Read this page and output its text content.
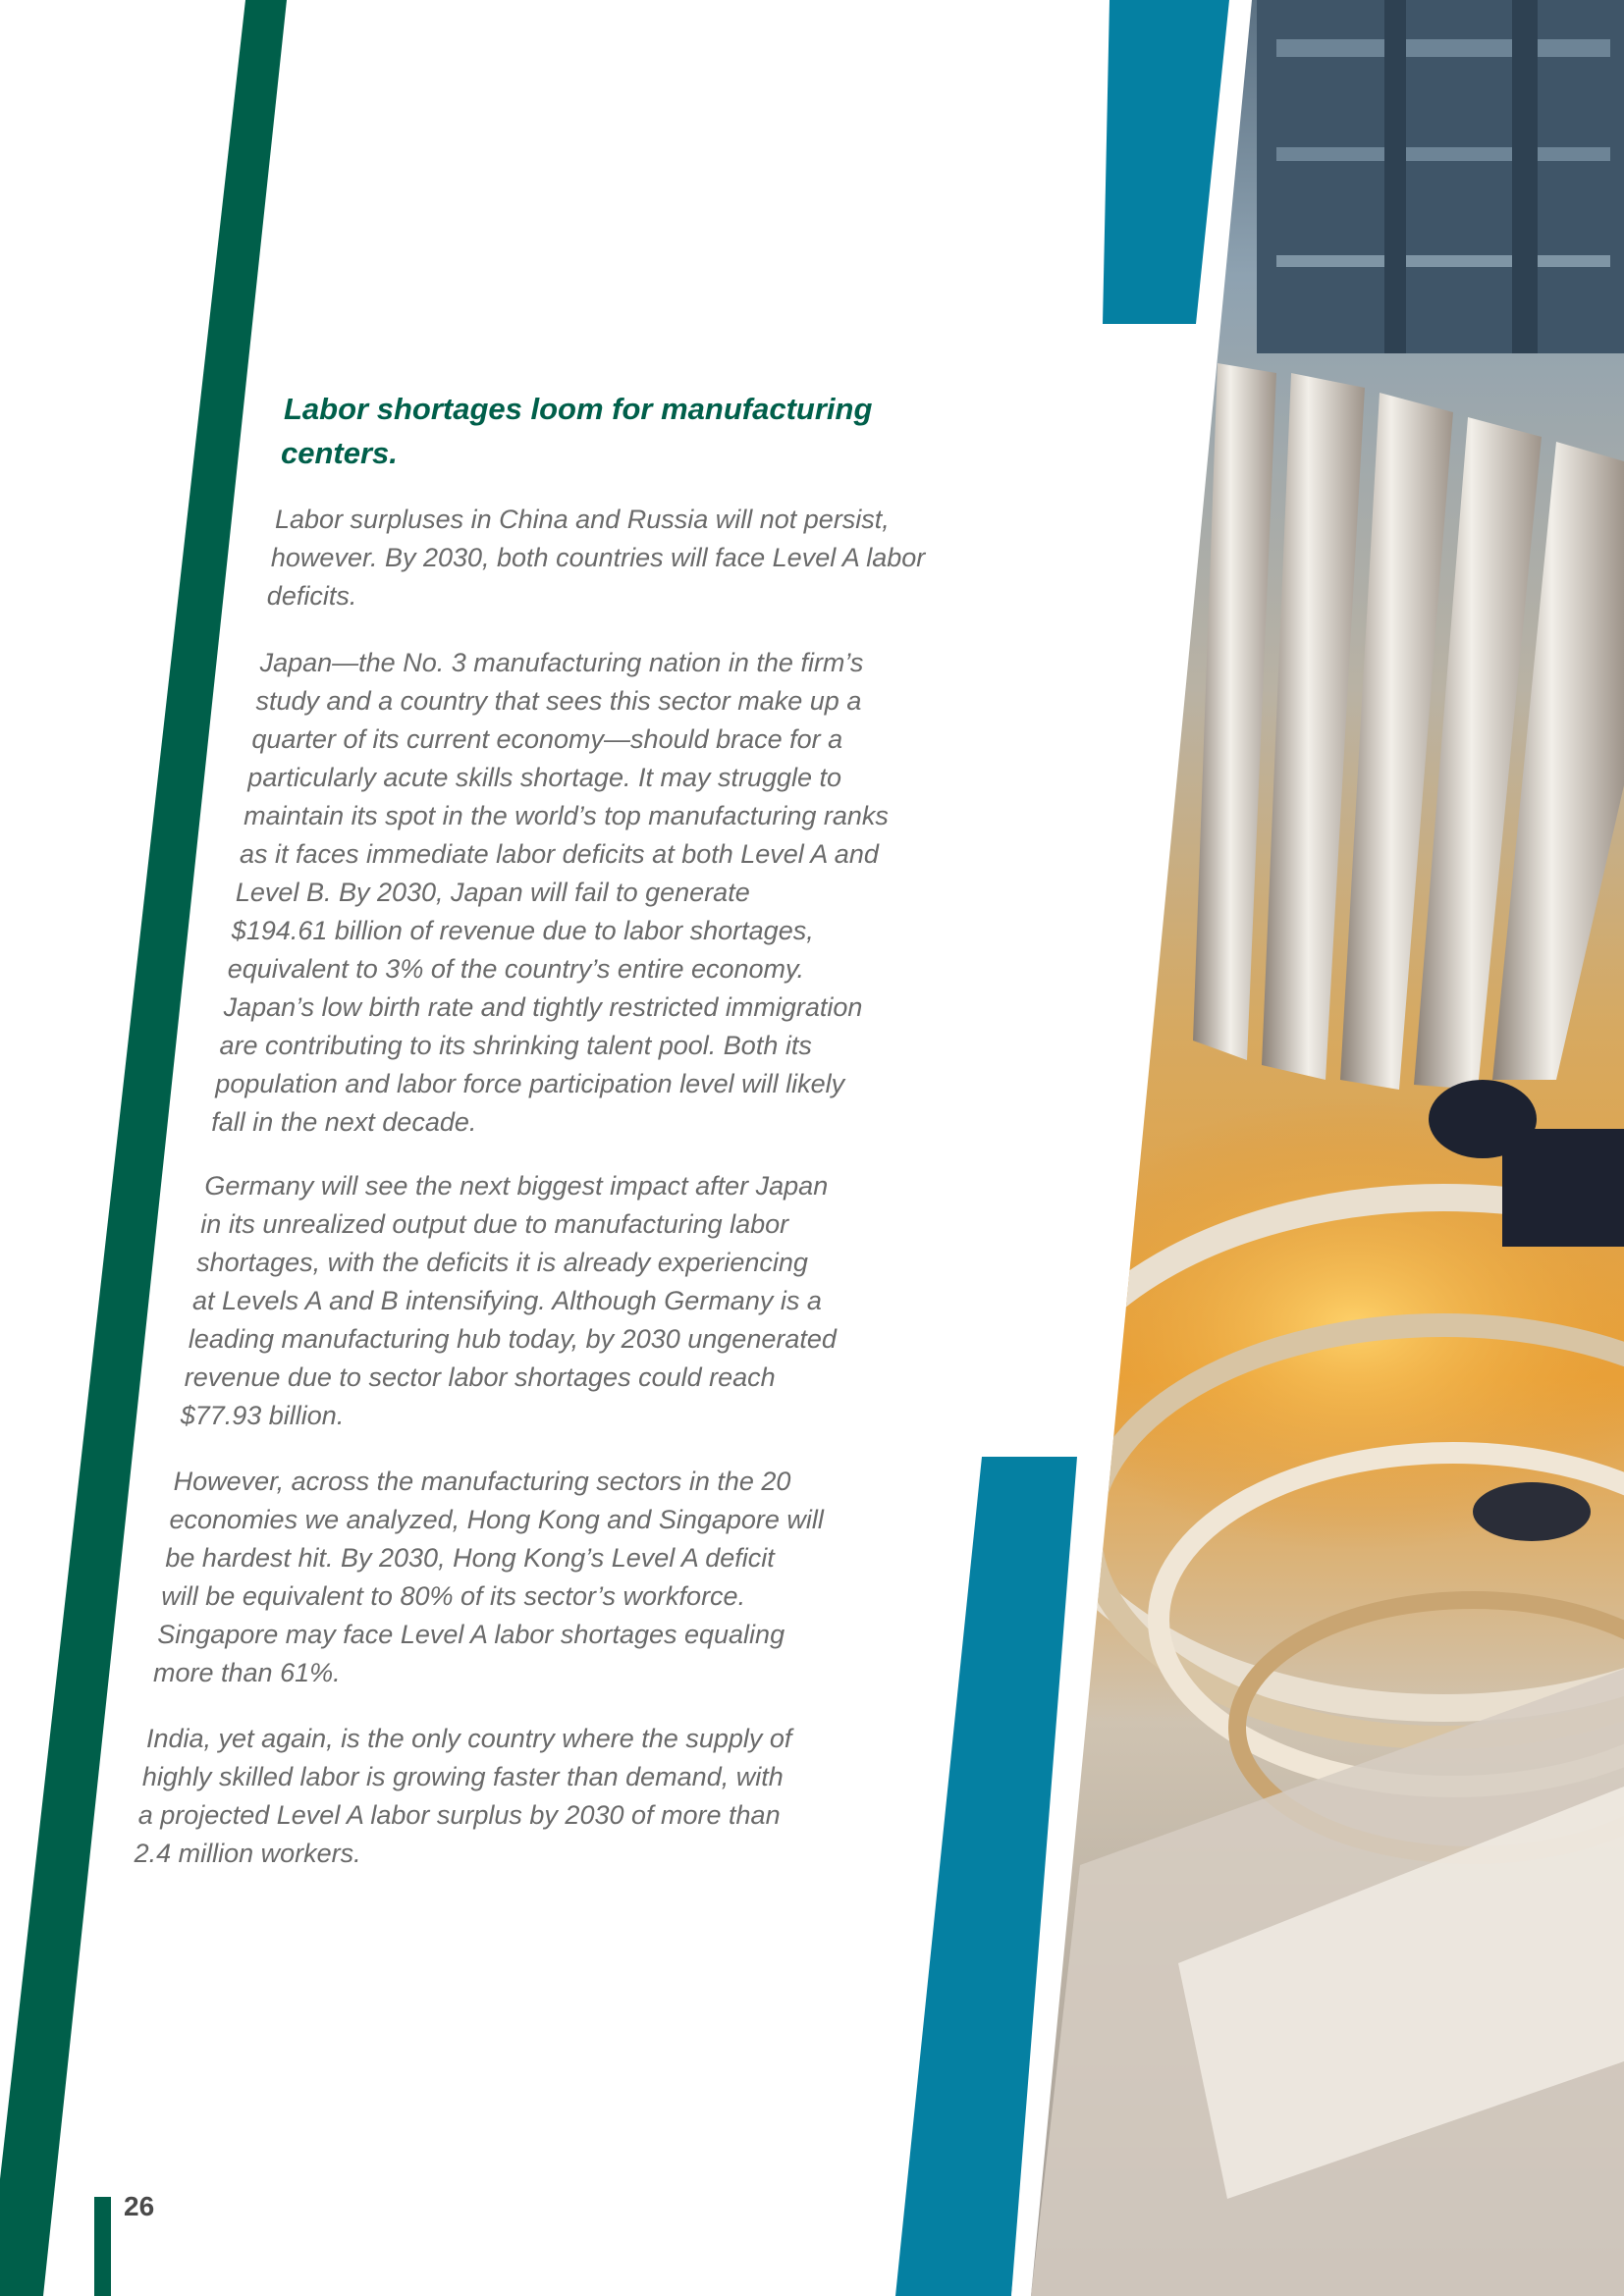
Labor shortages loom for manufacturing
centers.
Labor surpluses in China and Russia will not persist,
however. By 2030, both countries will face Level A labor
deficits.
Japan—the No. 3 manufacturing nation in the firm’s
study and a country that sees this sector make up a
quarter of its current economy—should brace for a
particularly acute skills shortage. It may struggle to
maintain its spot in the world’s top manufacturing ranks
as it faces immediate labor deficits at both Level A and
Level B. By 2030, Japan will fail to generate
$194.61 billion of revenue due to labor shortages,
equivalent to 3% of the country’s entire economy.
Japan’s low birth rate and tightly restricted immigration
are contributing to its shrinking talent pool. Both its
population and labor force participation level will likely
fall in the next decade.
Germany will see the next biggest impact after Japan
in its unrealized output due to manufacturing labor
shortages, with the deficits it is already experiencing
at Levels A and B intensifying. Although Germany is a
leading manufacturing hub today, by 2030 ungenerated
revenue due to sector labor shortages could reach
$77.93 billion.
However, across the manufacturing sectors in the 20
economies we analyzed, Hong Kong and Singapore will
be hardest hit. By 2030, Hong Kong’s Level A deficit
will be equivalent to 80% of its sector’s workforce.
Singapore may face Level A labor shortages equaling
more than 61%.
India, yet again, is the only country where the supply of
highly skilled labor is growing faster than demand, with
a projected Level A labor surplus by 2030 of more than
2.4 million workers.
26
